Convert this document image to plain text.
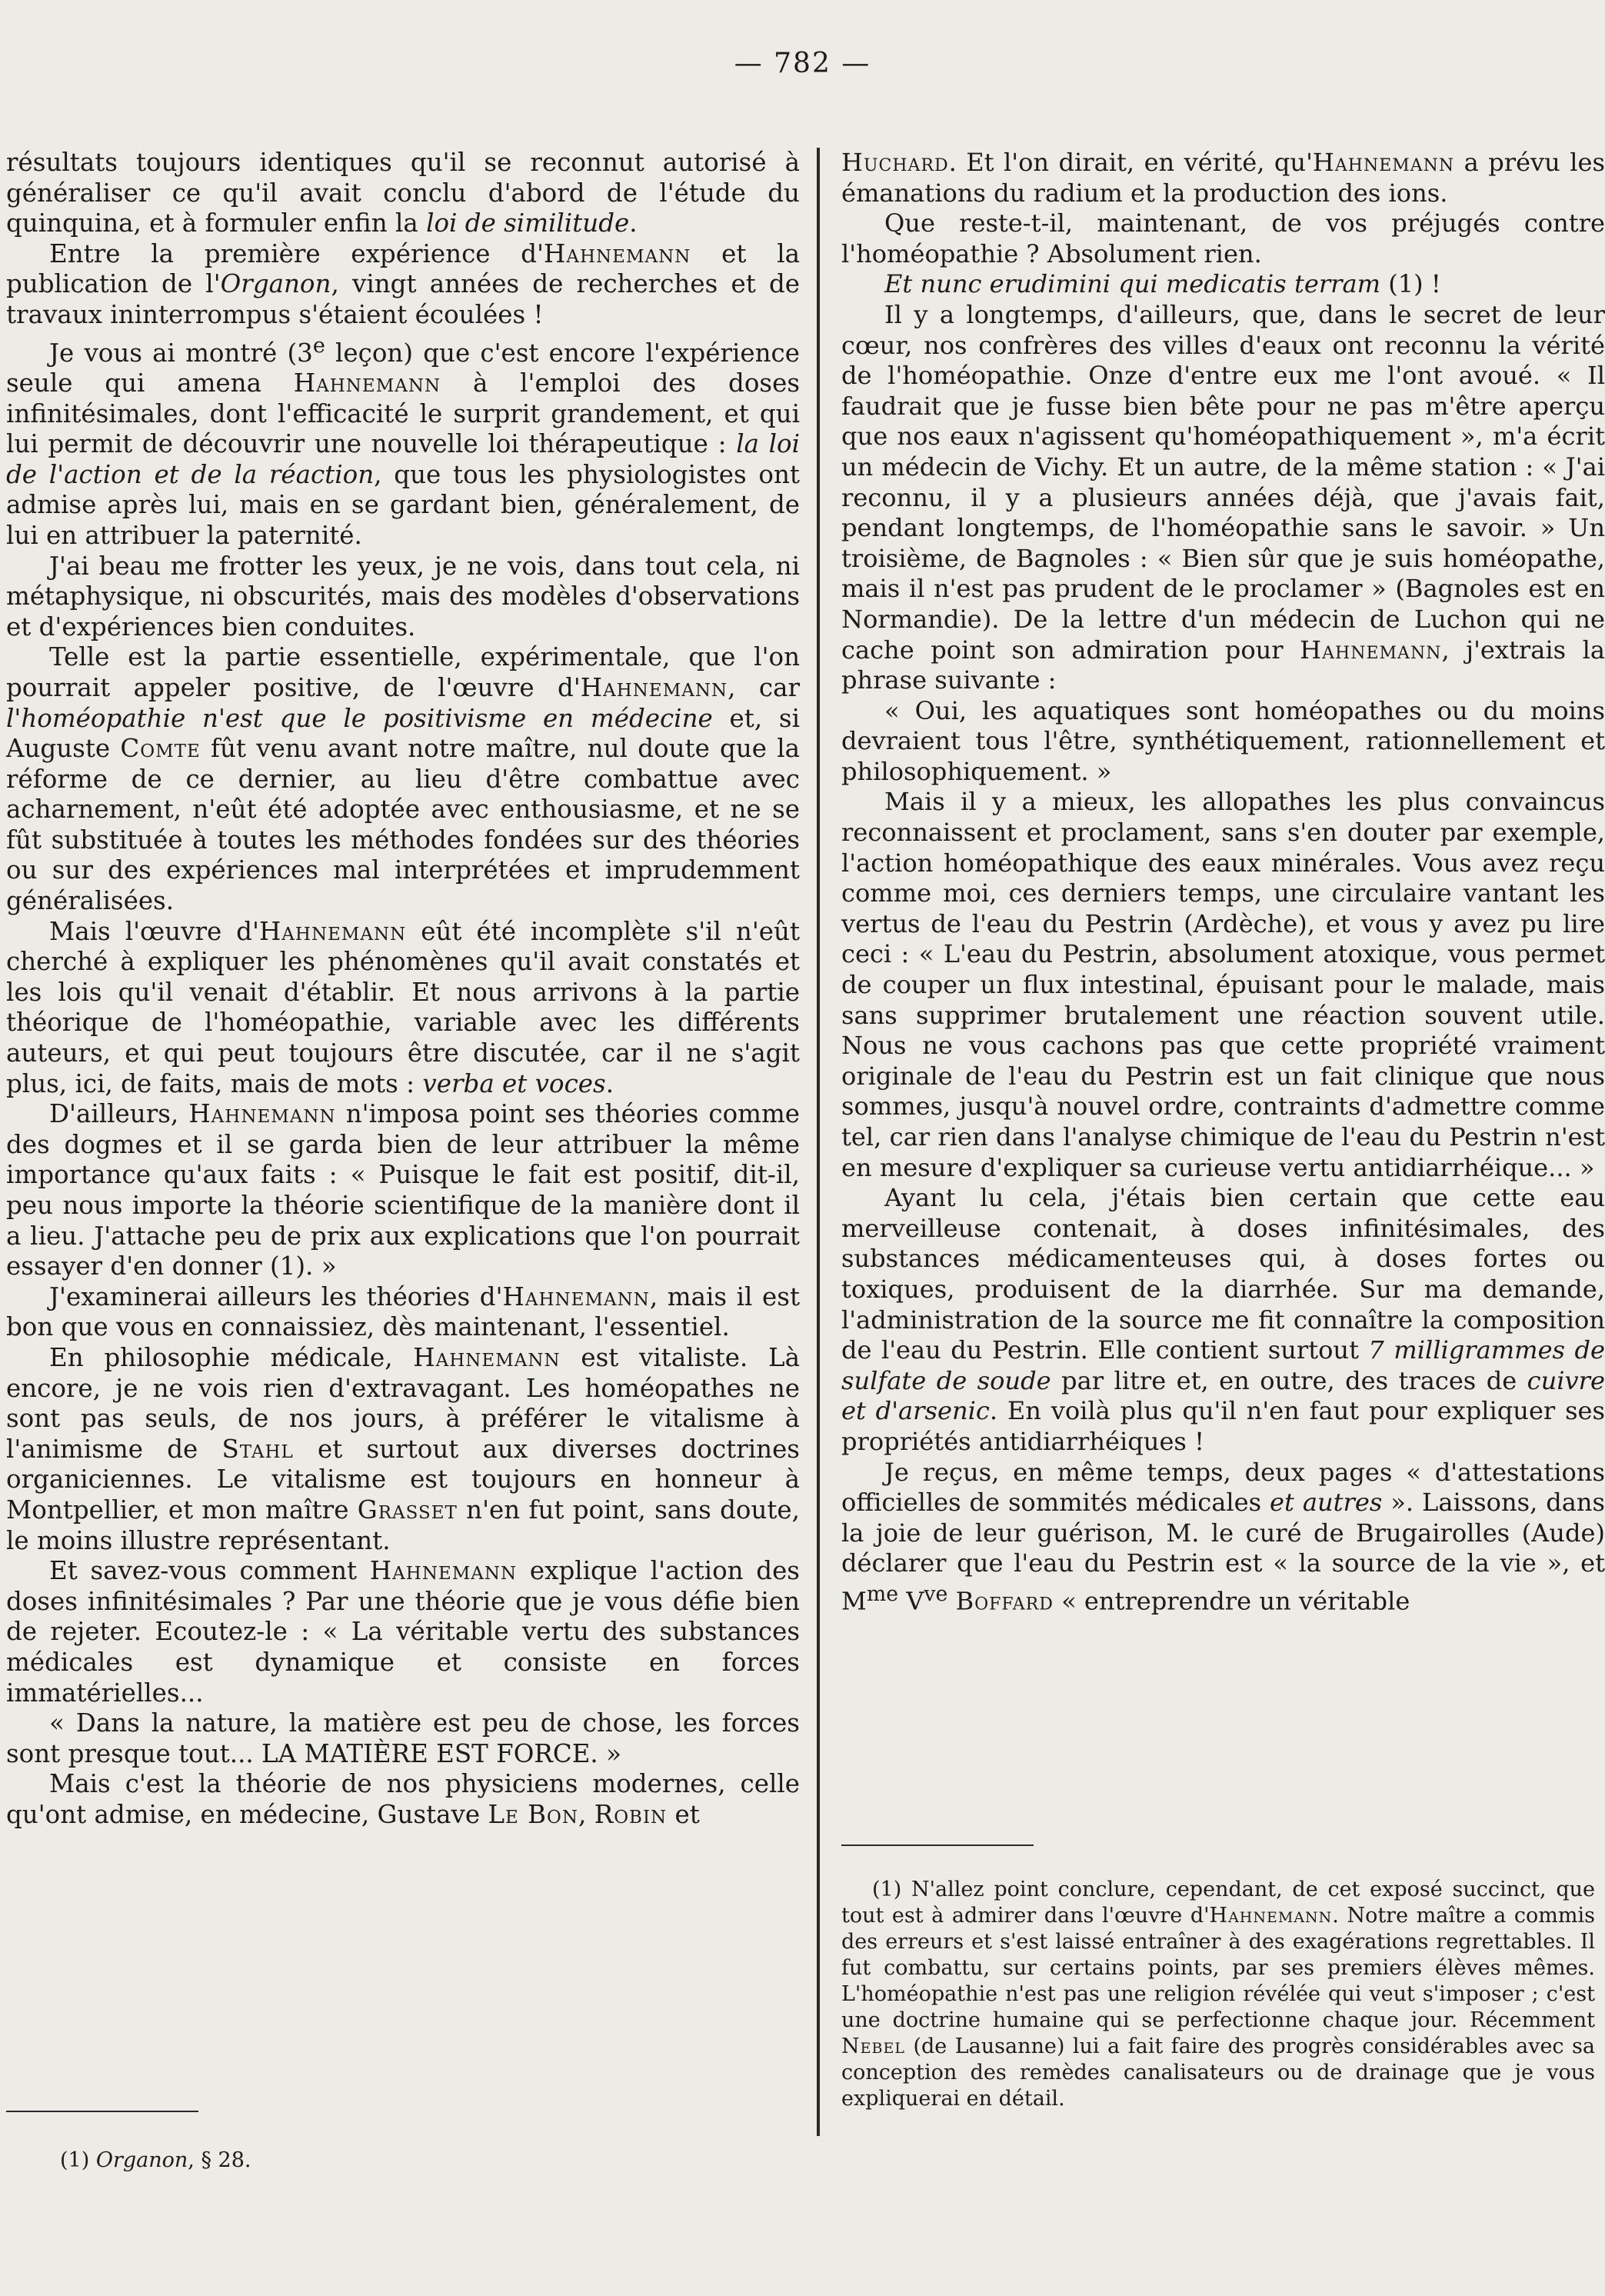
— 782 —

résultats toujours identiques qu'il se reconnut autorisé à généraliser ce qu'il avait conclu d'abord de l'étude du quinquina, et à formuler enfin la loi de similitude.

Entre la première expérience d'Hahnemann et la publication de l'Organon, vingt années de recherches et de travaux ininterrompus s'étaient écoulées !

Je vous ai montré (3e leçon) que c'est encore l'expérience seule qui amena Hahnemann à l'emploi des doses infinitésimales, dont l'efficacité le surprit grandement, et qui lui permit de découvrir une nouvelle loi thérapeutique : la loi de l'action et de la réaction, que tous les physiologistes ont admise après lui, mais en se gardant bien, généralement, de lui en attribuer la paternité.

J'ai beau me frotter les yeux, je ne vois, dans tout cela, ni métaphysique, ni obscurités, mais des modèles d'observations et d'expériences bien conduites.

Telle est la partie essentielle, expérimentale, que l'on pourrait appeler positive, de l'œuvre d'Hahnemann, car l'homéopathie n'est que le positivisme en médecine et, si Auguste Comte fût venu avant notre maître, nul doute que la réforme de ce dernier, au lieu d'être combattue avec acharnement, n'eût été adoptée avec enthousiasme, et ne se fût substituée à toutes les méthodes fondées sur des théories ou sur des expériences mal interprétées et imprudemment généralisées.

Mais l'œuvre d'Hahnemann eût été incomplète s'il n'eût cherché à expliquer les phénomènes qu'il avait constatés et les lois qu'il venait d'établir. Et nous arrivons à la partie théorique de l'homéopathie, variable avec les différents auteurs, et qui peut toujours être discutée, car il ne s'agit plus, ici, de faits, mais de mots : verba et voces.

D'ailleurs, Hahnemann n'imposa point ses théories comme des dogmes et il se garda bien de leur attribuer la même importance qu'aux faits : « Puisque le fait est positif, dit-il, peu nous importe la théorie scientifique de la manière dont il a lieu. J'attache peu de prix aux explications que l'on pourrait essayer d'en donner (1). »

J'examinerai ailleurs les théories d'Hahnemann, mais il est bon que vous en connaissiez, dès maintenant, l'essentiel.

En philosophie médicale, Hahnemann est vitaliste. Là encore, je ne vois rien d'extravagant. Les homéopathes ne sont pas seuls, de nos jours, à préférer le vitalisme à l'animisme de Stahl et surtout aux diverses doctrines organiciennes. Le vitalisme est toujours en honneur à Montpellier, et mon maître Grasset n'en fut point, sans doute, le moins illustre représentant.

Et savez-vous comment Hahnemann explique l'action des doses infinitésimales ? Par une théorie que je vous défie bien de rejeter. Ecoutez-le : « La véritable vertu des substances médicales est dynamique et consiste en forces immatérielles...

« Dans la nature, la matière est peu de chose, les forces sont presque tout... LA MATIÈRE EST FORCE. »

Mais c'est la théorie de nos physiciens modernes, celle qu'ont admise, en médecine, Gustave Le Bon, Robin et

Huchard. Et l'on dirait, en vérité, qu'Hahnemann a prévu les émanations du radium et la production des ions.

Que reste-t-il, maintenant, de vos préjugés contre l'homéopathie ? Absolument rien.

Et nunc erudimini qui medicatis terram (1) !

Il y a longtemps, d'ailleurs, que, dans le secret de leur cœur, nos confrères des villes d'eaux ont reconnu la vérité de l'homéopathie. Onze d'entre eux me l'ont avoué. « Il faudrait que je fusse bien bête pour ne pas m'être aperçu que nos eaux n'agissent qu'homéopathiquement », m'a écrit un médecin de Vichy. Et un autre, de la même station : « J'ai reconnu, il y a plusieurs années déjà, que j'avais fait, pendant longtemps, de l'homéopathie sans le savoir. » Un troisième, de Bagnoles : « Bien sûr que je suis homéopathe, mais il n'est pas prudent de le proclamer » (Bagnoles est en Normandie). De la lettre d'un médecin de Luchon qui ne cache point son admiration pour Hahnemann, j'extrais la phrase suivante :

« Oui, les aquatiques sont homéopathes ou du moins devraient tous l'être, synthétiquement, rationnellement et philosophiquement. »

Mais il y a mieux, les allopathes les plus convaincus reconnaissent et proclament, sans s'en douter par exemple, l'action homéopathique des eaux minérales. Vous avez reçu comme moi, ces derniers temps, une circulaire vantant les vertus de l'eau du Pestrin (Ardèche), et vous y avez pu lire ceci : « L'eau du Pestrin, absolument atoxique, vous permet de couper un flux intestinal, épuisant pour le malade, mais sans supprimer brutalement une réaction souvent utile. Nous ne vous cachons pas que cette propriété vraiment originale de l'eau du Pestrin est un fait clinique que nous sommes, jusqu'à nouvel ordre, contraints d'admettre comme tel, car rien dans l'analyse chimique de l'eau du Pestrin n'est en mesure d'expliquer sa curieuse vertu antidiarrhéique... »

Ayant lu cela, j'étais bien certain que cette eau merveilleuse contenait, à doses infinitésimales, des substances médicamenteuses qui, à doses fortes ou toxiques, produisent de la diarrhée. Sur ma demande, l'administration de la source me fit connaître la composition de l'eau du Pestrin. Elle contient surtout 7 milligrammes de sulfate de soude par litre et, en outre, des traces de cuivre et d'arsenic. En voilà plus qu'il n'en faut pour expliquer ses propriétés antidiarrhéiques !

Je reçus, en même temps, deux pages « d'attestations officielles de sommités médicales et autres ». Laissons, dans la joie de leur guérison, M. le curé de Brugairolles (Aude) déclarer que l'eau du Pestrin est « la source de la vie », et $M^{me}$ $V^{ve}$ Boffard « entreprendre un véritable

(1) Organon, § 28.

(1) N'allez point conclure, cependant, de cet exposé succinct, que tout est à admirer dans l'œuvre d'Hahnemann. Notre maître a commis des erreurs et s'est laissé entraîner à des exagérations regrettables. Il fut combattu, sur certains points, par ses premiers élèves mêmes. L'homéopathie n'est pas une religion révélée qui veut s'imposer ; c'est une doctrine humaine qui se perfectionne chaque jour. Récemment Nebel (de Lausanne) lui a fait faire des progrès considérables avec sa conception des remèdes canalisateurs ou de drainage que je vous expliquerai en détail.
